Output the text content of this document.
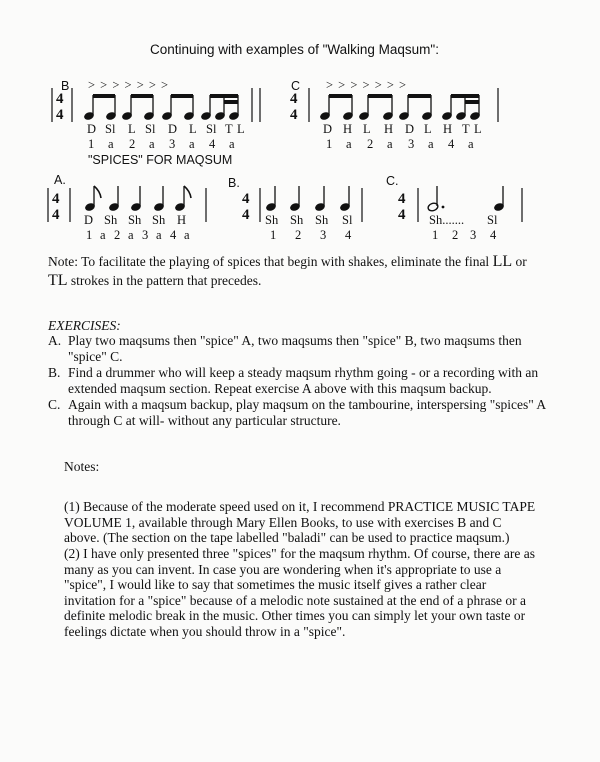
Continuing with examples of "Walking Maqsum":
4
4
4
4
4
4
4
4
4
4
B > > > > > > >
D Sl L Sl D L Sl T L
1 a 2 a 3 a 4 a
C > > > > > > >
D H L H D L H T L
1 a 2 a 3 a 4 a
"SPICES" FOR MAQSUM
A.
D Sh Sh Sh H
1 a 2 a 3 a 4 a
B.
Sh Sh Sh Sl
1 2 3 4
C.
Sh....... Sl
1 2 3 4
Note: To facilitate the playing of spices that begin with shakes, eliminate the final LL or TL strokes in the pattern that precedes.
EXERCISES:
A. Play two maqsums then "spice" A, two maqsums then "spice" B, two maqsums then "spice" C.
B. Find a drummer who will keep a steady maqsum rhythm going - or a recording with an extended maqsum section. Repeat exercise A above with this maqsum backup.
C. Again with a maqsum backup, play maqsum on the tambourine, interspersing "spices" A through C at will- without any particular structure.
Notes:
(1) Because of the moderate speed used on it, I recommend PRACTICE MUSIC TAPE VOLUME 1, available through Mary Ellen Books, to use with exercises B and C above. (The section on the tape labelled "baladi" can be used to practice maqsum.)
(2) I have only presented three "spices" for the maqsum rhythm. Of course, there are as many as you can invent. In case you are wondering when it's appropriate to use a "spice", I would like to say that sometimes the music itself gives a rather clear invitation for a "spice" because of a melodic note sustained at the end of a phrase or a definite melodic break in the music. Other times you can simply let your own taste or feelings dictate when you should throw in a "spice".
